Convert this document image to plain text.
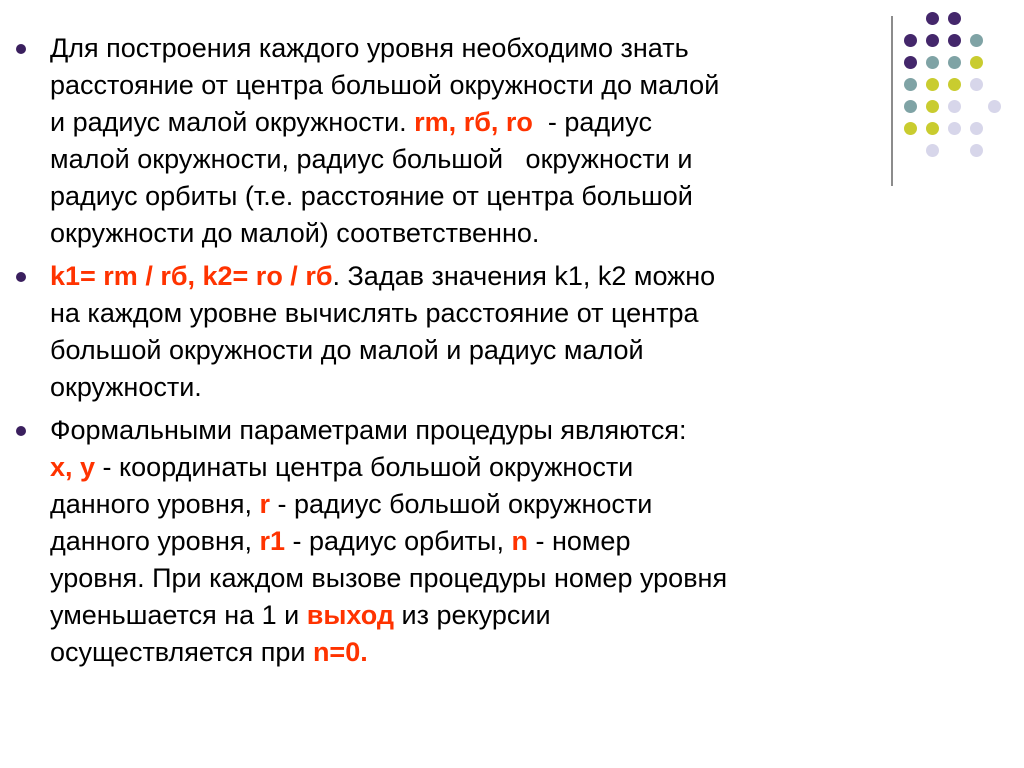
Для построения каждого уровня необходимо знать
расстояние от центра большой окружности до малой
и радиус малой окружности. rm, rб, ro  - радиус
малой окружности, радиус большой   окружности и
радиус орбиты (т.е. расстояние от центра большой
окружности до малой) соответственно.
k1= rm / rб, k2= ro / rб. Задав значения k1, k2 можно
на каждом уровне вычислять расстояние от центра
большой окружности до малой и радиус малой
окружности.
Формальными параметрами процедуры являются:
x, y - координаты центра большой окружности
данного уровня, r - радиус большой окружности
данного уровня, r1 - радиус орбиты, n - номер
уровня. При каждом вызове процедуры номер уровня
уменьшается на 1 и выход из рекурсии
осуществляется при n=0.
